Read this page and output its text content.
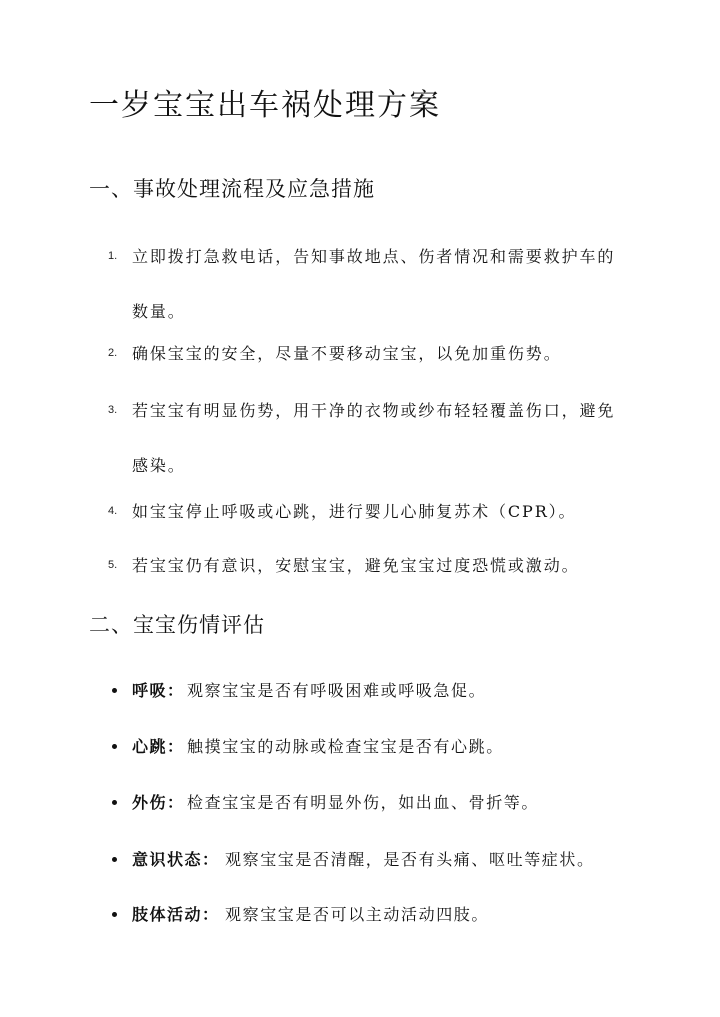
一岁宝宝出车祸处理方案
一、事故处理流程及应急措施
1. 立即拨打急救电话，告知事故地点、伤者情况和需要救护车的数量。
2. 确保宝宝的安全，尽量不要移动宝宝，以免加重伤势。
3. 若宝宝有明显伤势，用干净的衣物或纱布轻轻覆盖伤口，避免感染。
4. 如宝宝停止呼吸或心跳，进行婴儿心肺复苏术（CPR）。
5. 若宝宝仍有意识，安慰宝宝，避免宝宝过度恐慌或激动。
二、宝宝伤情评估
呼吸： 观察宝宝是否有呼吸困难或呼吸急促。
心跳： 触摸宝宝的动脉或检查宝宝是否有心跳。
外伤： 检查宝宝是否有明显外伤，如出血、骨折等。
意识状态： 观察宝宝是否清醒，是否有头痛、呕吐等症状。
肢体活动： 观察宝宝是否可以主动活动四肢。
